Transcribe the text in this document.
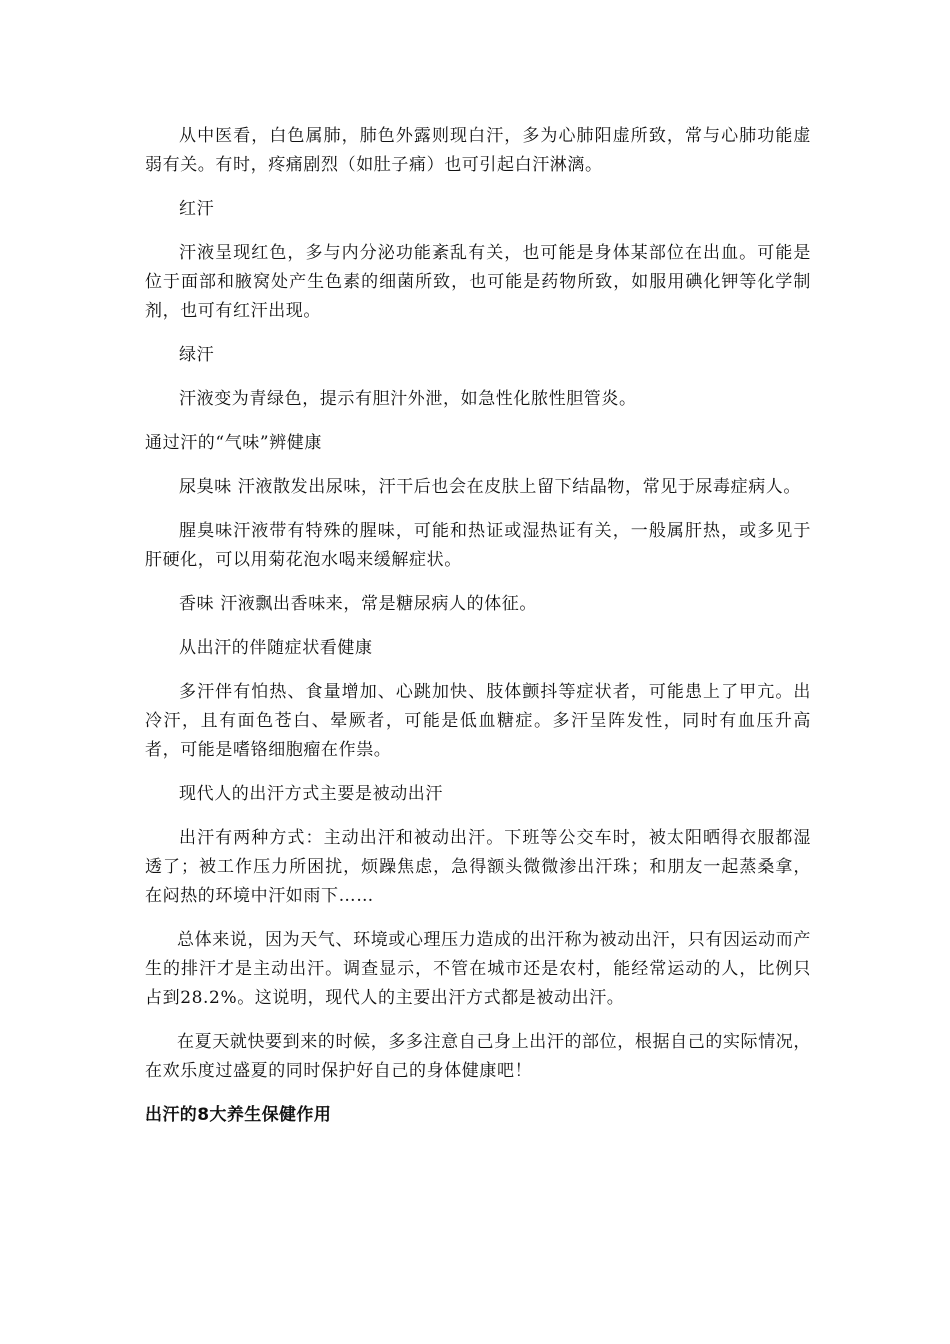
从中医看，白色属肺，肺色外露则现白汗，多为心肺阳虚所致，常与心肺功能虚弱有关。有时，疼痛剧烈（如肚子痛）也可引起白汗淋漓。

红汗

汗液呈现红色，多与内分泌功能紊乱有关，也可能是身体某部位在出血。可能是位于面部和腋窝处产生色素的细菌所致，也可能是药物所致，如服用碘化钾等化学制剂，也可有红汗出现。

绿汗

汗液变为青绿色，提示有胆汁外泄，如急性化脓性胆管炎。

通过汗的“气味”辨健康

尿臭味 汗液散发出尿味，汗干后也会在皮肤上留下结晶物，常见于尿毒症病人。

腥臭味汗液带有特殊的腥味，可能和热证或湿热证有关，一般属肝热，或多见于肝硬化，可以用菊花泡水喝来缓解症状。

香味 汗液飘出香味来，常是糖尿病人的体征。

从出汗的伴随症状看健康

多汗伴有怕热、食量增加、心跳加快、肢体颤抖等症状者，可能患上了甲亢。出冷汗，且有面色苍白、晕厥者，可能是低血糖症。多汗呈阵发性，同时有血压升高者，可能是嗜铬细胞瘤在作祟。

现代人的出汗方式主要是被动出汗

出汗有两种方式：主动出汗和被动出汗。下班等公交车时，被太阳晒得衣服都湿透了；被工作压力所困扰，烦躁焦虑，急得额头微微渗出汗珠；和朋友一起蒸桑拿，在闷热的环境中汗如雨下……

总体来说，因为天气、环境或心理压力造成的出汗称为被动出汗，只有因运动而产生的排汗才是主动出汗。调查显示，不管在城市还是农村，能经常运动的人，比例只占到28.2%。这说明，现代人的主要出汗方式都是被动出汗。

在夏天就快要到来的时候，多多注意自己身上出汗的部位，根据自己的实际情况，在欢乐度过盛夏的同时保护好自己的身体健康吧！

出汗的8大养生保健作用
